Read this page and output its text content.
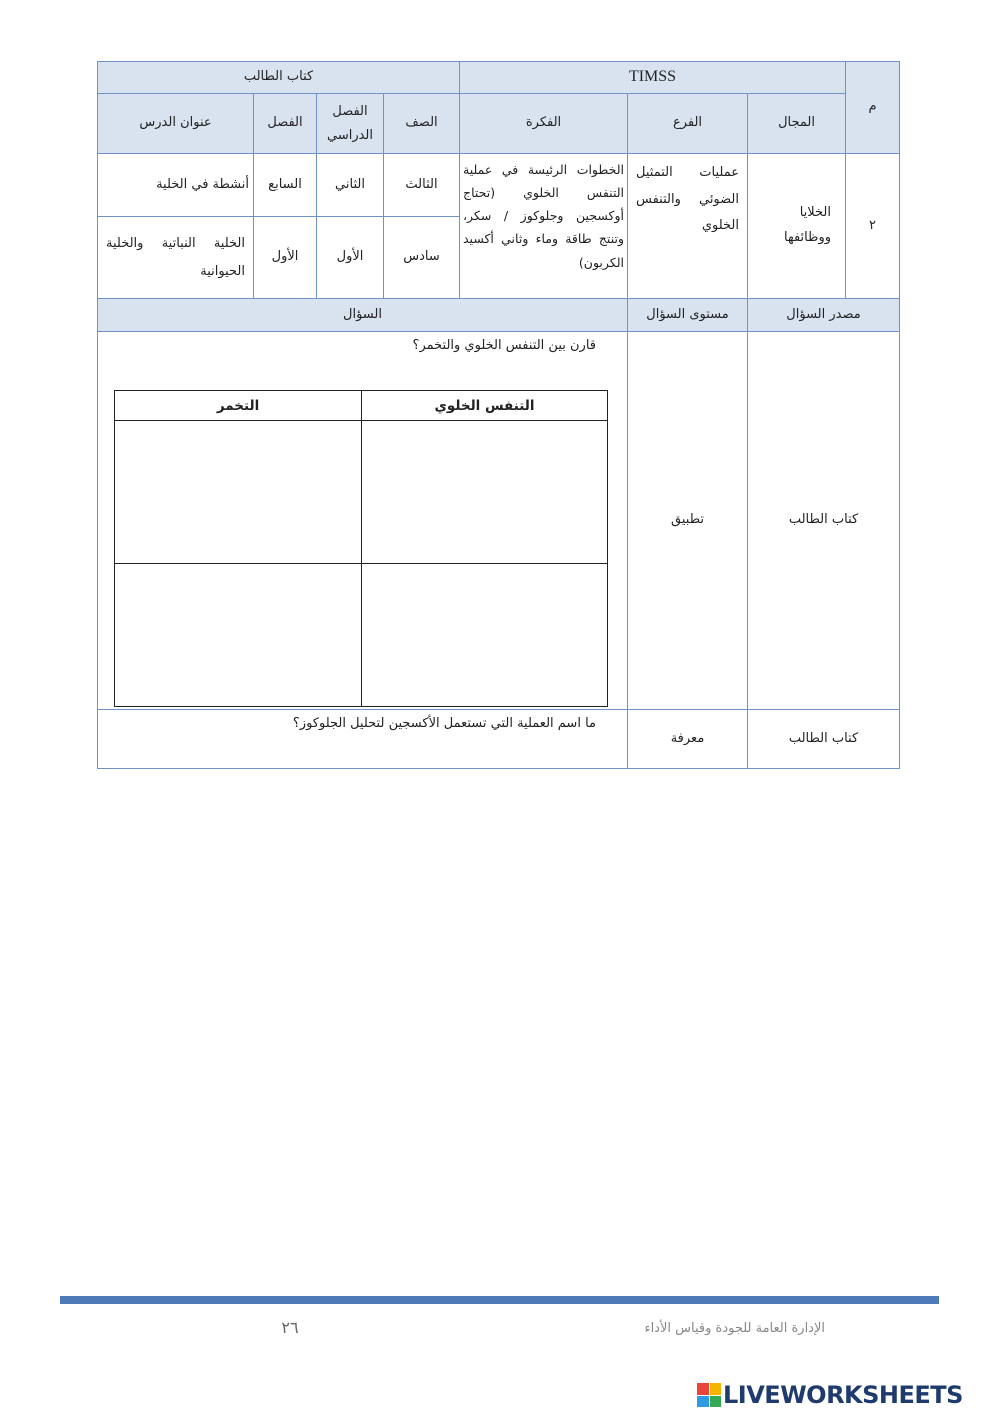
م
TIMSS
كتاب الطالب
المجال
الفرع
الفكرة
الصف
الفصل الدراسي
الفصل
عنوان الدرس
٢
الخلايا ووظائفها
عمليات التمثيل الضوئي والتنفس الخلوي
الخطوات الرئيسة في عملية التنفس الخلوي (تحتاج أوكسجين وجلوكوز / سكر، وتنتج طاقة وماء وثاني أكسيد الكربون)
الثالث
الثاني
السابع
أنشطة في الخلية
سادس
الأول
الأول
الخلية النباتية والخلية الحيوانية
مصدر السؤال
مستوى السؤال
السؤال
كتاب الطالب
تطبيق
كتاب الطالب
معرفة
قارن بين التنفس الخلوي والتخمر؟
التنفس الخلوي
التخمر
ما اسم العملية التي تستعمل الأكسجين لتحليل الجلوكوز؟
٢٦	الإدارة العامة للجودة وقياس الأداء
LIVEWORKSHEETS
